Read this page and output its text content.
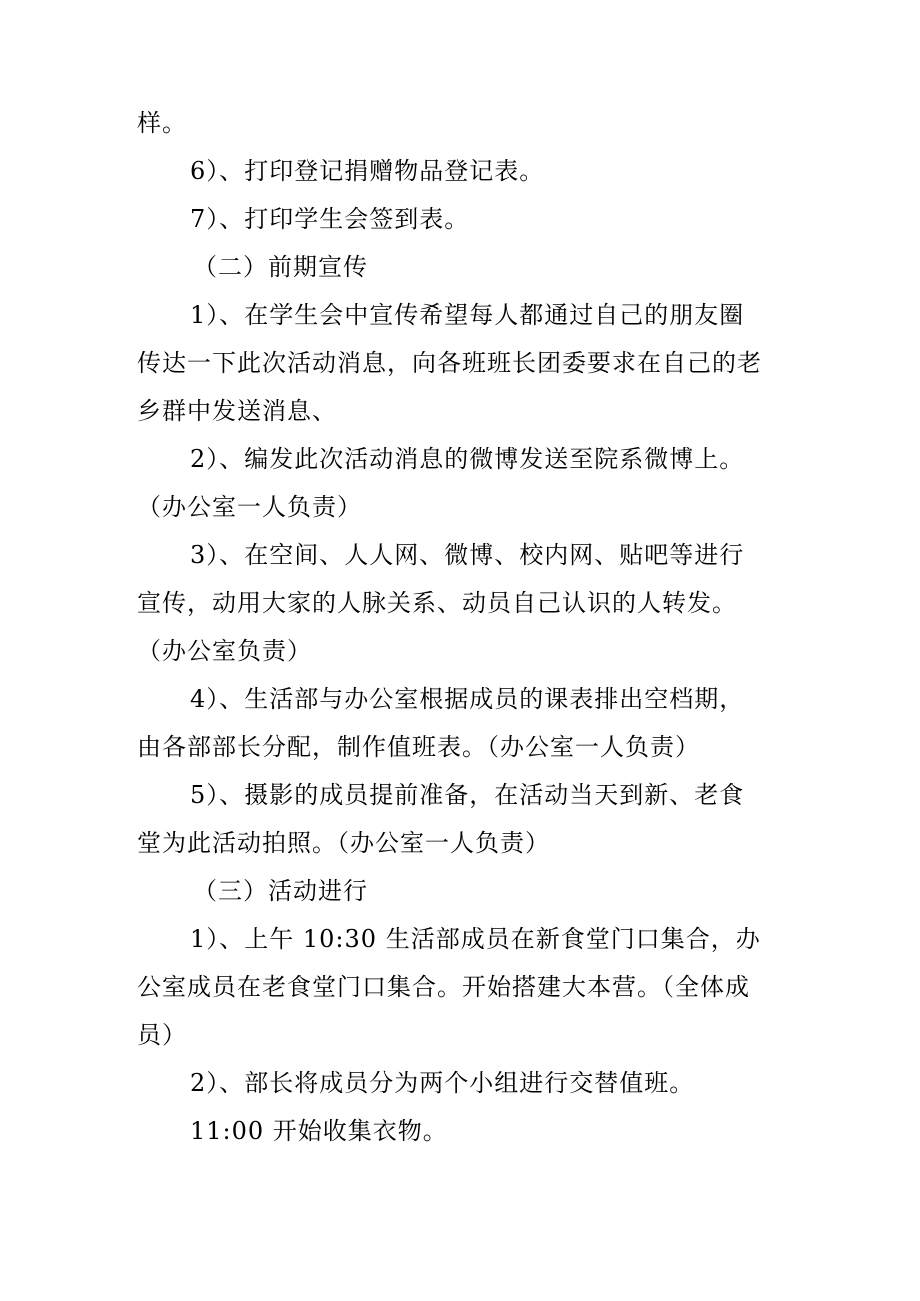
样。
6）、打印登记捐赠物品登记表。
7）、打印学生会签到表。
（二）前期宣传
1）、在学生会中宣传希望每人都通过自己的朋友圈
传达一下此次活动消息，向各班班长团委要求在自己的老
乡群中发送消息、
2）、编发此次活动消息的微博发送至院系微博上。
（办公室一人负责）
3）、在空间、人人网、微博、校内网、贴吧等进行
宣传，动用大家的人脉关系、动员自己认识的人转发。
（办公室负责）
4）、生活部与办公室根据成员的课表排出空档期，
由各部部长分配，制作值班表。（办公室一人负责）
5）、摄影的成员提前准备，在活动当天到新、老食
堂为此活动拍照。（办公室一人负责）
（三）活动进行
1）、上午 10:30 生活部成员在新食堂门口集合，办
公室成员在老食堂门口集合。开始搭建大本营。（全体成
员）
2）、部长将成员分为两个小组进行交替值班。
11:00 开始收集衣物。
